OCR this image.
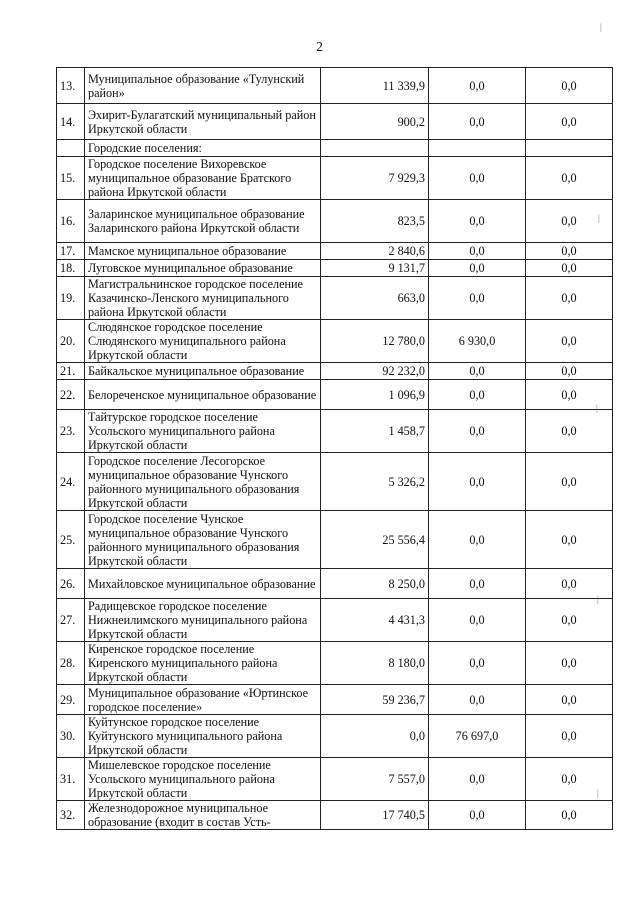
2
13.	Муниципальное образование «Тулунский район»	11 339,9	0,0	0,0
14.	Эхирит-Булагатский муниципальный район Иркутской области	900,2	0,0	0,0
	Городские поселения:			
15.	Городское поселение Вихоревское муниципальное образование Братского района Иркутской области	7 929,3	0,0	0,0
16.	Заларинское муниципальное образование Заларинского района Иркутской области	823,5	0,0	0,0
17.	Мамское муниципальное образование	2 840,6	0,0	0,0
18.	Луговское муниципальное образование	9 131,7	0,0	0,0
19.	Магистральнинское городское поселение Казачинско-Ленского муниципального района Иркутской области	663,0	0,0	0,0
20.	Слюдянское городское поселение Слюдянского муниципального района Иркутской области	12 780,0	6 930,0	0,0
21.	Байкальское муниципальное образование	92 232,0	0,0	0,0
22.	Белореченское муниципальное образование	1 096,9	0,0	0,0
23.	Тайтурское городское поселение Усольского муниципального района Иркутской области	1 458,7	0,0	0,0
24.	Городское поселение Лесогорское муниципальное образование Чунского районного муниципального образования Иркутской области	5 326,2	0,0	0,0
25.	Городское поселение Чунское муниципальное образование Чунского районного муниципального образования Иркутской области	25 556,4	0,0	0,0
26.	Михайловское муниципальное образование	8 250,0	0,0	0,0
27.	Радищевское городское поселение Нижнеилимского муниципального района Иркутской области	4 431,3	0,0	0,0
28.	Киренское городское поселение Киренского муниципального района Иркутской области	8 180,0	0,0	0,0
29.	Муниципальное образование «Юртинское городское поселение»	59 236,7	0,0	0,0
30.	Куйтунское городское поселение Куйтунского муниципального района Иркутской области	0,0	76 697,0	0,0
31.	Мишелевское городское поселение Усольского муниципального района Иркутской области	7 557,0	0,0	0,0
32.	Железнодорожное муниципальное образование (входит в состав Усть-	17 740,5	0,0	0,0
|
|
|
|
|
